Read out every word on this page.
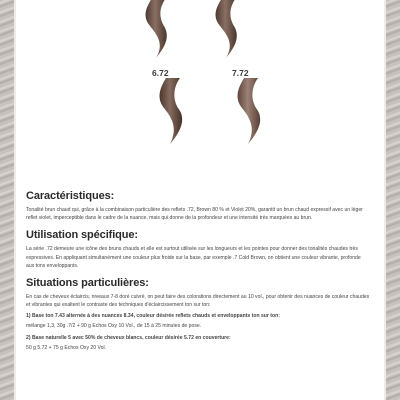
6.72	7.72
Caractéristiques:
Tonalité brun chaud qui, grâce à la combinaison particulière des reflets .72, Brown 80 % et Violet 20%, garantit un brun chaud expressif avec un léger reflet violet, imperceptible dans le cadre de la nuance, mais qui donne de la profondeur et une intensité très marquées au brun.
Utilisation spécifique:
La série .72 demeure une icône des bruns chauds et elle est surtout utilisée sur les longueurs et les pointes pour donner des tonalités chaudes très expressives. En appliquant simultanément une couleur plus froide sur la base, par exemple .7 Cold Brown, on obtient une couleur vibrante, profonde aux tons enveloppants.
Situations particulières:
En cas de cheveux éclaircis, niveaux 7-8 doré cuivré, on peut faire des colorations directement au 10 vol., pour obtenir des nuances de couleur chaudes et vibrantes qui exaltent le contraste des techniques d'éclaircissement ton sur ton:
1) Base ton 7.43 alternée à des nuances 8.34, couleur désirée reflets chauds et enveloppants ton sur ton:
mélange 1,3, 30g .7/2 + 90 g Echos Oxy 10 Vol., de 15 à 25 minutes de pose.
2) Base naturelle 5 avec 50% de cheveux blancs, couleur désirée 5.72 en couverture:
50 g 5.72 + 75 g Echos Oxy 20 Vol.
